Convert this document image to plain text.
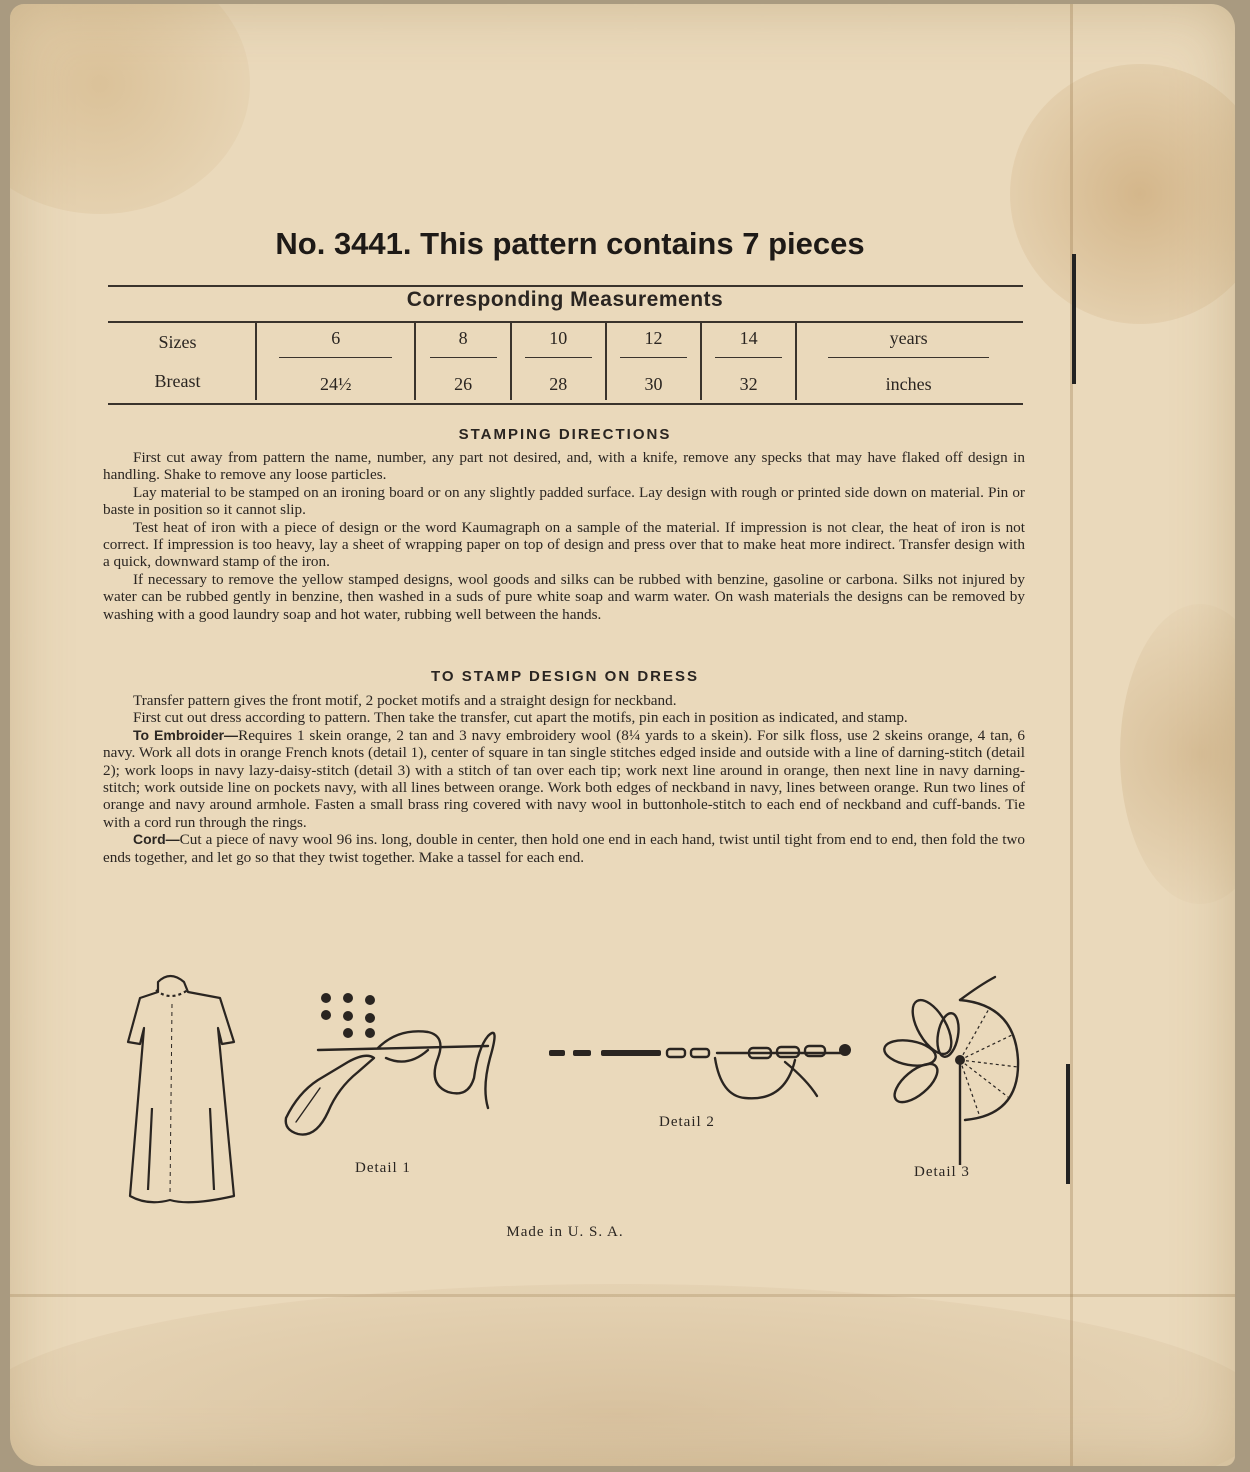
No. 3441. This pattern contains 7 pieces
Corresponding Measurements
Sizes	6	8	10	12	14	years
Breast	24½	26	28	30	32	inches
STAMPING DIRECTIONS

First cut away from pattern the name, number, any part not desired, and, with a knife, remove any specks that may have flaked off design in handling. Shake to remove any loose particles.

Lay material to be stamped on an ironing board or on any slightly padded surface. Lay design with rough or printed side down on material. Pin or baste in position so it cannot slip.

Test heat of iron with a piece of design or the word Kaumagraph on a sample of the material. If impression is not clear, the heat of iron is not correct. If impression is too heavy, lay a sheet of wrapping paper on top of design and press over that to make heat more indirect. Transfer design with a quick, downward stamp of the iron.

If necessary to remove the yellow stamped designs, wool goods and silks can be rubbed with benzine, gasoline or carbona. Silks not injured by water can be rubbed gently in benzine, then washed in a suds of pure white soap and warm water. On wash materials the designs can be removed by washing with a good laundry soap and hot water, rubbing well between the hands.

TO STAMP DESIGN ON DRESS

Transfer pattern gives the front motif, 2 pocket motifs and a straight design for neckband.

First cut out dress according to pattern. Then take the transfer, cut apart the motifs, pin each in position as indicated, and stamp.

To Embroider—Requires 1 skein orange, 2 tan and 3 navy embroidery wool (8¼ yards to a skein). For silk floss, use 2 skeins orange, 4 tan, 6 navy. Work all dots in orange French knots (detail 1), center of square in tan single stitches edged inside and outside with a line of darning-stitch (detail 2); work loops in navy lazy-daisy-stitch (detail 3) with a stitch of tan over each tip; work next line around in orange, then next line in navy darning-stitch; work outside line on pockets navy, with all lines between orange. Work both edges of neckband in navy, lines between orange. Run two lines of orange and navy around armhole. Fasten a small brass ring covered with navy wool in buttonhole-stitch to each end of neckband and cuff-bands. Tie with a cord run through the rings.

Cord—Cut a piece of navy wool 96 ins. long, double in center, then hold one end in each hand, twist until tight from end to end, then fold the two ends together, and let go so that they twist together. Make a tassel for each end.

Detail 1
Detail 2
Detail 3
Made in U. S. A.
